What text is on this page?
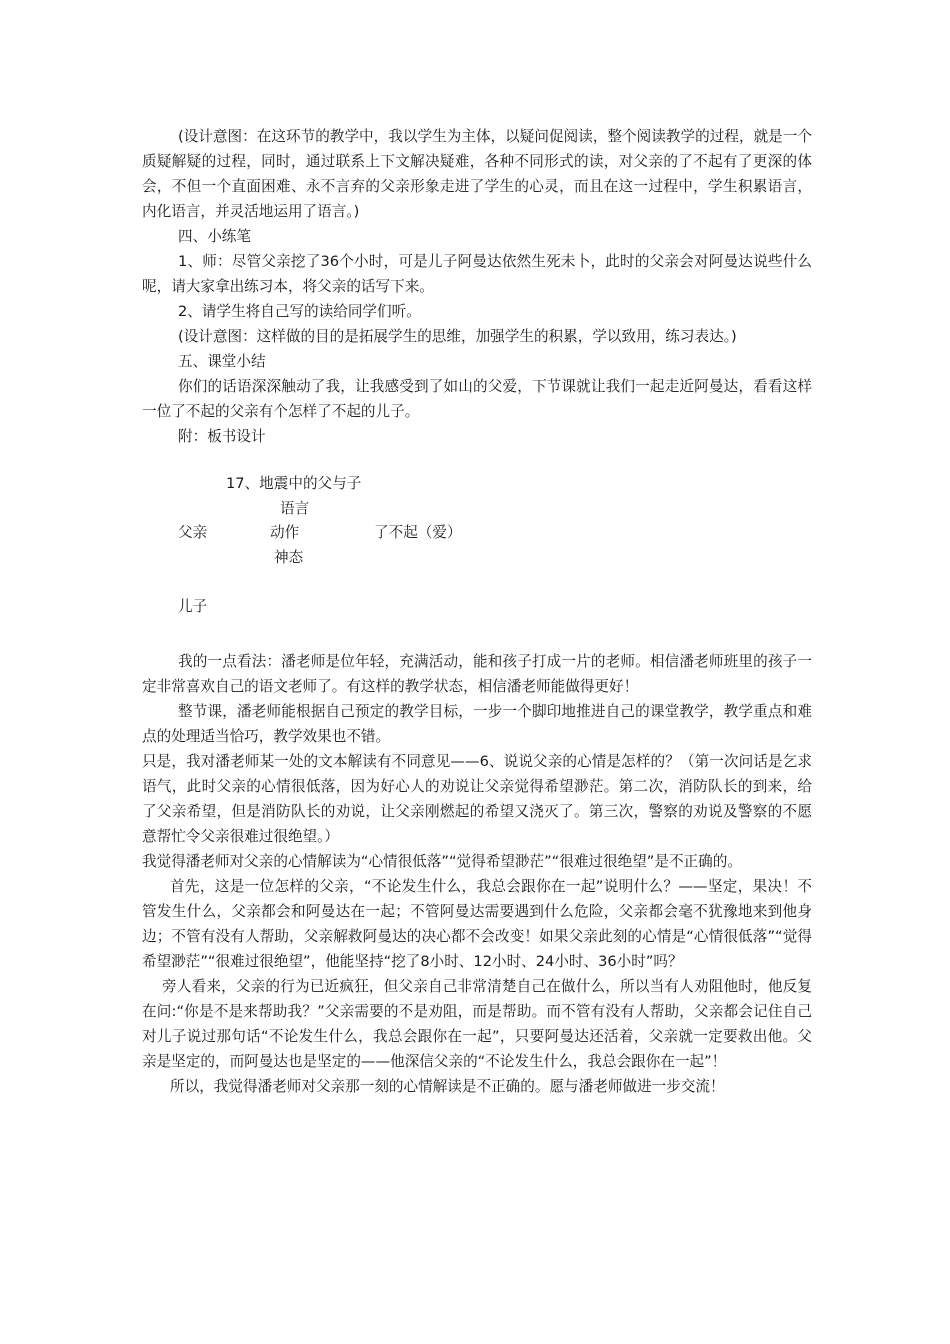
(设计意图：在这环节的教学中，我以学生为主体，以疑问促阅读，整个阅读教学的过程，就是一个质疑解疑的过程，同时，通过联系上下文解决疑难，各种不同形式的读，对父亲的了不起有了更深的体会，不但一个直面困难、永不言弃的父亲形象走进了学生的心灵，而且在这一过程中，学生积累语言，内化语言，并灵活地运用了语言。)

四、小练笔

1、师：尽管父亲挖了36个小时，可是儿子阿曼达依然生死未卜，此时的父亲会对阿曼达说些什么呢，请大家拿出练习本，将父亲的话写下来。

2、请学生将自己写的读给同学们听。

(设计意图：这样做的目的是拓展学生的思维，加强学生的积累，学以致用，练习表达。)

五、课堂小结

你们的话语深深触动了我，让我感受到了如山的父爱，下节课就让我们一起走近阿曼达，看看这样一位了不起的父亲有个怎样了不起的儿子。

附：板书设计

17、地震中的父与子
语言
父亲	动作	了不起（爱）
神态
儿子

我的一点看法：潘老师是位年轻，充满活动，能和孩子打成一片的老师。相信潘老师班里的孩子一定非常喜欢自己的语文老师了。有这样的教学状态，相信潘老师能做得更好！

整节课，潘老师能根据自己预定的教学目标，一步一个脚印地推进自己的课堂教学，教学重点和难点的处理适当恰巧，教学效果也不错。

只是，我对潘老师某一处的文本解读有不同意见——6、说说父亲的心情是怎样的？（第一次问话是乞求语气，此时父亲的心情很低落，因为好心人的劝说让父亲觉得希望渺茫。第二次，消防队长的到来，给了父亲希望，但是消防队长的劝说，让父亲刚燃起的希望又浇灭了。第三次，警察的劝说及警察的不愿意帮忙令父亲很难过很绝望。）

我觉得潘老师对父亲的心情解读为“心情很低落”“觉得希望渺茫”“很难过很绝望”是不正确的。

首先，这是一位怎样的父亲，“不论发生什么，我总会跟你在一起”说明什么？——坚定，果决！不管发生什么，父亲都会和阿曼达在一起；不管阿曼达需要遇到什么危险，父亲都会毫不犹豫地来到他身边；不管有没有人帮助，父亲解救阿曼达的决心都不会改变！如果父亲此刻的心情是“心情很低落”“觉得希望渺茫”“很难过很绝望”，他能坚持“挖了8小时、12小时、24小时、36小时”吗？

旁人看来，父亲的行为已近疯狂，但父亲自己非常清楚自己在做什么，所以当有人劝阻他时，他反复在问:“你是不是来帮助我？”父亲需要的不是劝阻，而是帮助。而不管有没有人帮助，父亲都会记住自己对儿子说过那句话“不论发生什么，我总会跟你在一起”，只要阿曼达还活着，父亲就一定要救出他。父亲是坚定的，而阿曼达也是坚定的——他深信父亲的“不论发生什么，我总会跟你在一起”！

所以，我觉得潘老师对父亲那一刻的心情解读是不正确的。愿与潘老师做进一步交流！
